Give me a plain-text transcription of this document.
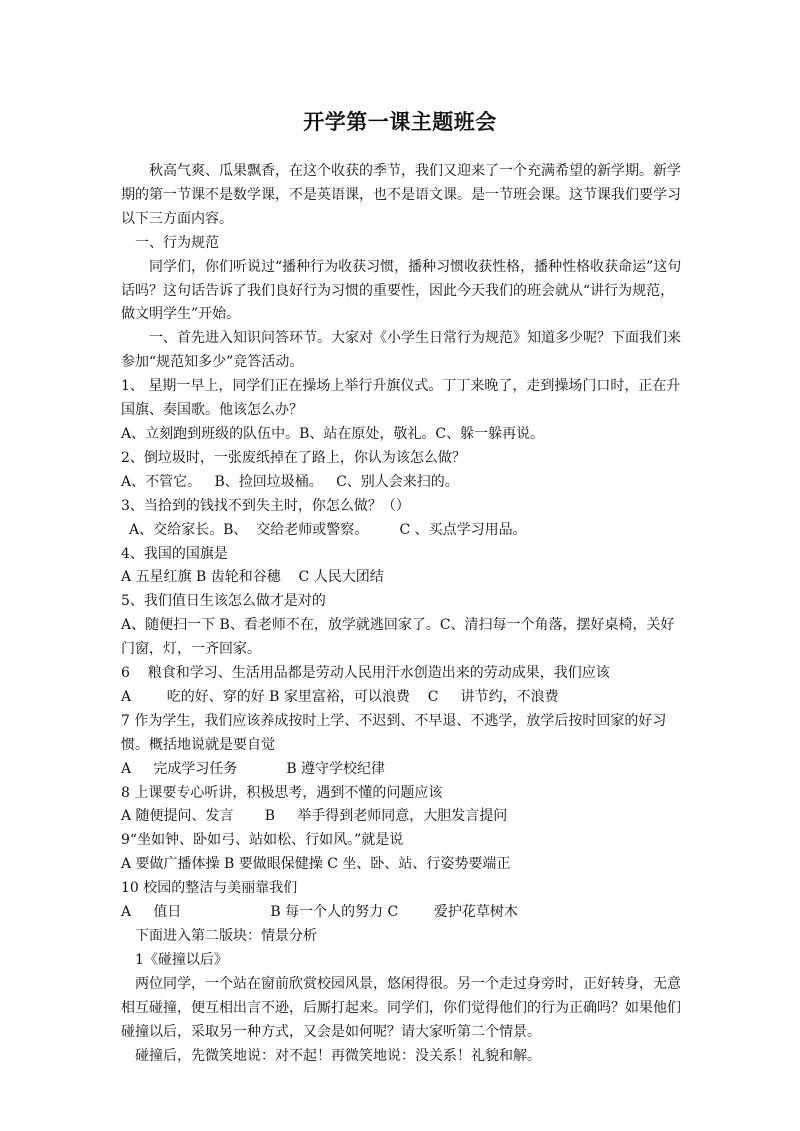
开学第一课主题班会

秋高气爽、瓜果飘香，在这个收获的季节，我们又迎来了一个充满希望的新学期。新学期的第一节课不是数学课，不是英语课，也不是语文课。是一节班会课。这节课我们要学习以下三方面内容。

一、行为规范

同学们，你们听说过“播种行为收获习惯，播种习惯收获性格，播种性格收获命运”这句话吗？这句话告诉了我们良好行为习惯的重要性，因此今天我们的班会就从“讲行为规范，做文明学生”开始。

一、首先进入知识问答环节。大家对《小学生日常行为规范》知道多少呢？下面我们来参加“规范知多少”竞答活动。

1、 星期一早上，同学们正在操场上举行升旗仪式。丁丁来晚了，走到操场门口时，正在升国旗、奏国歌。他该怎么办？

A、立刻跑到班级的队伍中。B、站在原处，敬礼。C、躲一躲再说。

2、倒垃圾时，一张废纸掉在了路上，你认为该怎么做？

A、不管它。   B、捡回垃圾桶。   C、别人会来扫的。

3、当拾到的钱找不到失主时，你怎么做？（）

A、交给家长。B、  交给老师或警察。       C 、买点学习用品。

4、我国的国旗是

A 五星红旗 B 齿轮和谷穗    C 人民大团结

5、我们值日生该怎么做才是对的

A、随便扫一下 B、看老师不在，放学就逃回家了。C、清扫每一个角落，摆好桌椅，关好门窗，灯，一齐回家。

6    粮食和学习、生活用品都是劳动人民用汗水创造出来的劳动成果，我们应该

A        吃的好、穿的好 B 家里富裕，可以浪费    C     讲节约，不浪费

7 作为学生，我们应该养成按时上学、不迟到、不早退、不逃学，放学后按时回家的好习惯。概括地说就是要自觉

A     完成学习任务           B 遵守学校纪律

8 上课要专心听讲，积极思考，遇到不懂的问题应该

A 随便提问、发言       B     举手得到老师同意，大胆发言提问

9“坐如钟、卧如弓、站如松、行如风。”就是说

A 要做广播体操 B 要做眼保健操 C 坐、卧、站、行姿势要端正

10 校园的整洁与美丽靠我们

A     值日                    B 每一个人的努力 C        爱护花草树木

下面进入第二版块：情景分析

1《碰撞以后》

两位同学，一个站在窗前欣赏校园风景，悠闲得很。另一个走过身旁时，正好转身，无意相互碰撞，便互相出言不逊，后厮打起来。同学们，你们觉得他们的行为正确吗？如果他们碰撞以后，采取另一种方式，又会是如何呢？请大家听第二个情景。

碰撞后，先微笑地说：对不起！再微笑地说：没关系！礼貌和解。
